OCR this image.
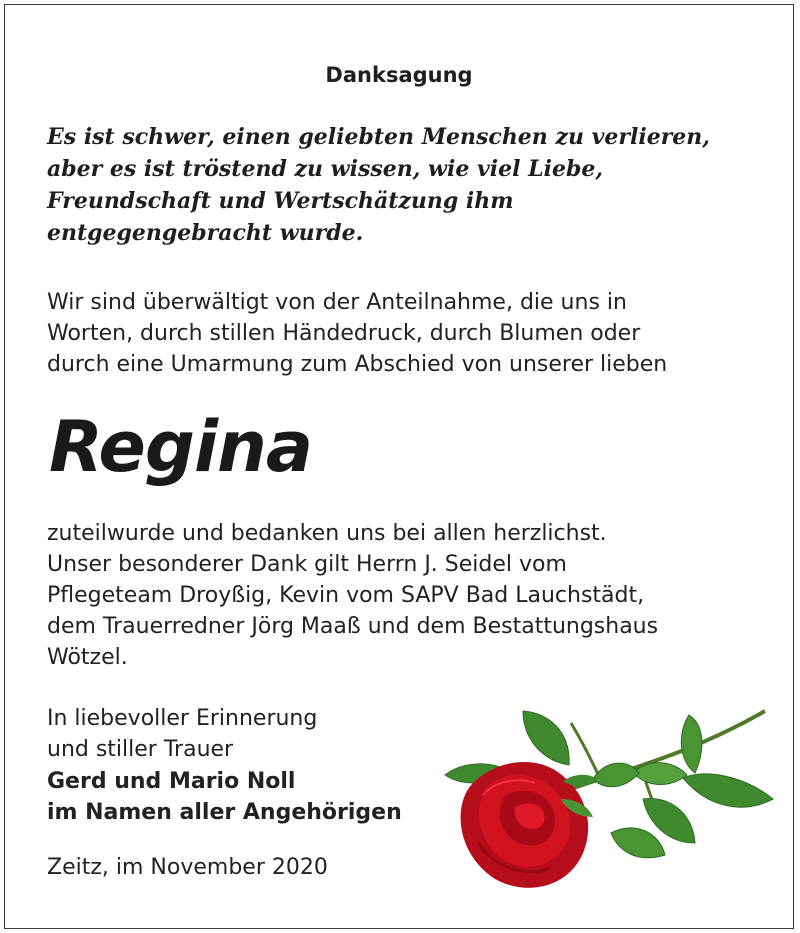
Danksagung
Es ist schwer, einen geliebten Menschen zu verlieren,
aber es ist tröstend zu wissen, wie viel Liebe,
Freundschaft und Wertschätzung ihm
entgegengebracht wurde.
Wir sind überwältigt von der Anteilnahme, die uns in
Worten, durch stillen Händedruck, durch Blumen oder
durch eine Umarmung zum Abschied von unserer lieben
Regina
zuteilwurde und bedanken uns bei allen herzlichst.
Unser besonderer Dank gilt Herrn J. Seidel vom
Pflegeteam Droyßig, Kevin vom SAPV Bad Lauchstädt,
dem Trauerredner Jörg Maaß und dem Bestattungshaus
Wötzel.
In liebevoller Erinnerung
und stiller Trauer
Gerd und Mario Noll
im Namen aller Angehörigen
Zeitz, im November 2020
